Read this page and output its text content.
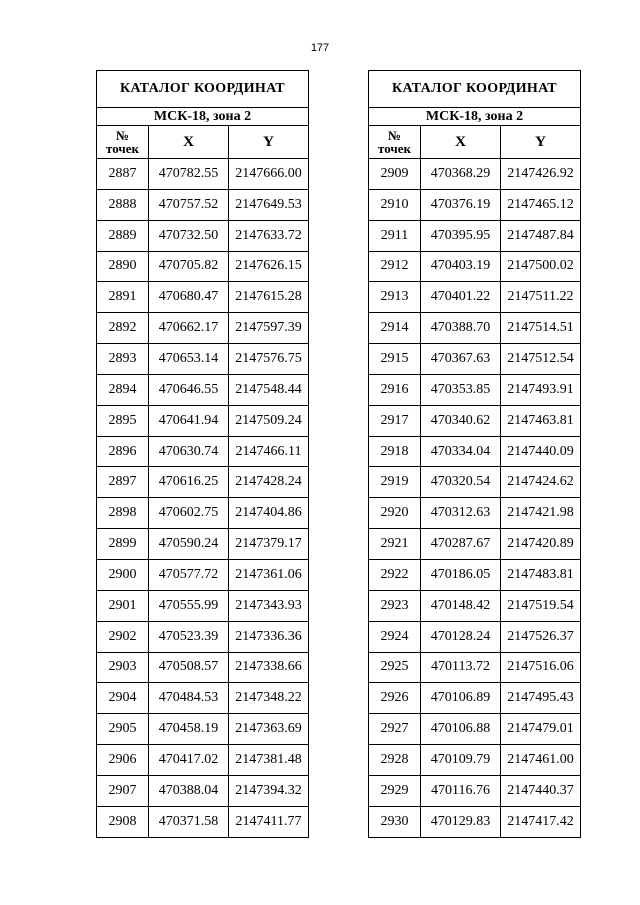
177
КАТАЛОГ КООРДИНАТ		
МСК-18, зона 2		

№
точек	X	Y
2887	470782.55	2147666.00
2888	470757.52	2147649.53
2889	470732.50	2147633.72
2890	470705.82	2147626.15
2891	470680.47	2147615.28
2892	470662.17	2147597.39
2893	470653.14	2147576.75
2894	470646.55	2147548.44
2895	470641.94	2147509.24
2896	470630.74	2147466.11
2897	470616.25	2147428.24
2898	470602.75	2147404.86
2899	470590.24	2147379.17
2900	470577.72	2147361.06
2901	470555.99	2147343.93
2902	470523.39	2147336.36
2903	470508.57	2147338.66
2904	470484.53	2147348.22
2905	470458.19	2147363.69
2906	470417.02	2147381.48
2907	470388.04	2147394.32
2908	470371.58	2147411.77
КАТАЛОГ КООРДИНАТ		
МСК-18, зона 2		

№
точек	X	Y
2909	470368.29	2147426.92
2910	470376.19	2147465.12
2911	470395.95	2147487.84
2912	470403.19	2147500.02
2913	470401.22	2147511.22
2914	470388.70	2147514.51
2915	470367.63	2147512.54
2916	470353.85	2147493.91
2917	470340.62	2147463.81
2918	470334.04	2147440.09
2919	470320.54	2147424.62
2920	470312.63	2147421.98
2921	470287.67	2147420.89
2922	470186.05	2147483.81
2923	470148.42	2147519.54
2924	470128.24	2147526.37
2925	470113.72	2147516.06
2926	470106.89	2147495.43
2927	470106.88	2147479.01
2928	470109.79	2147461.00
2929	470116.76	2147440.37
2930	470129.83	2147417.42
